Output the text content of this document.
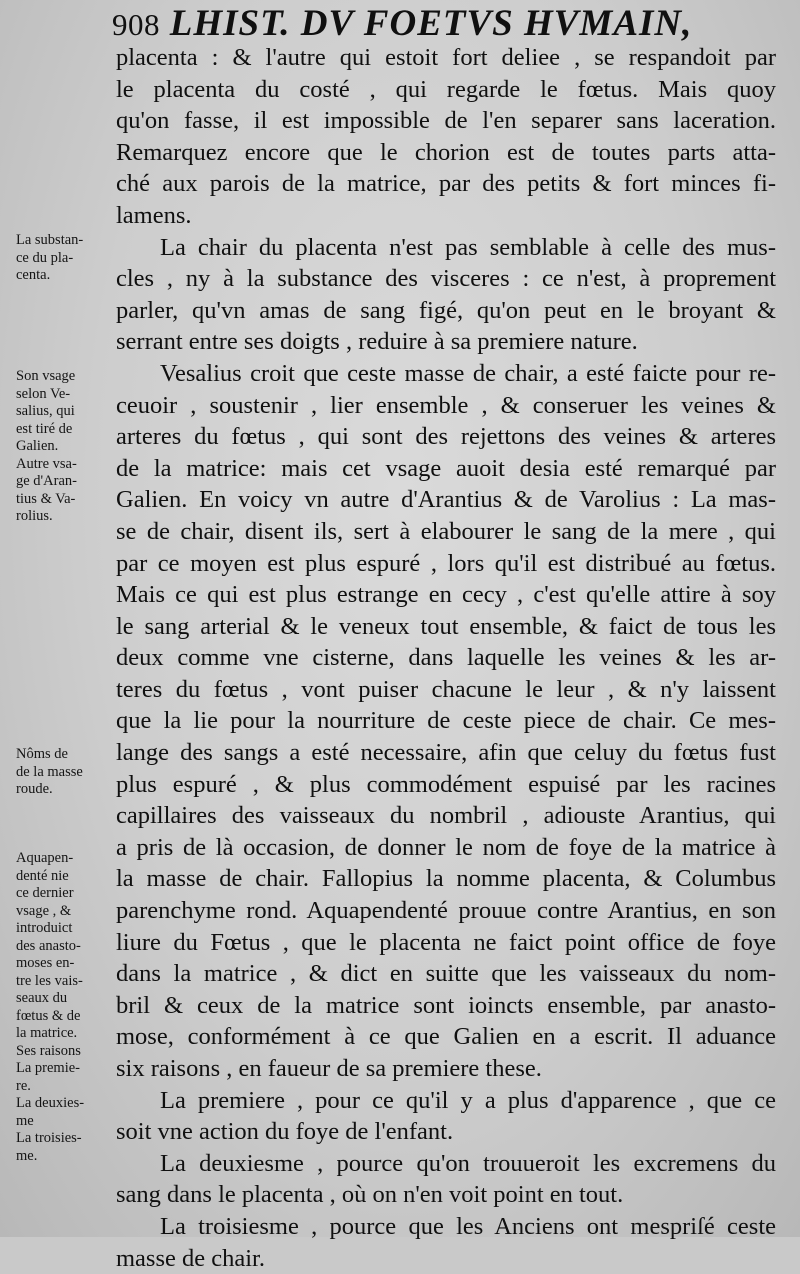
908 LHIST. DV FOETVS HVMAIN,
placenta : & l'autre qui estoit fort deliee , se respandoit par
le placenta du costé , qui regarde le fœtus. Mais quoy
qu'on fasse, il est impossible de l'en separer sans laceration.
Remarquez encore que le chorion est de toutes parts atta-
ché aux parois de la matrice, par des petits & fort minces fi-
lamens.
La chair du placenta n'est pas semblable à celle des mus-
cles , ny à la substance des visceres : ce n'est, à proprement
parler, qu'vn amas de sang figé, qu'on peut en le broyant &
serrant entre ses doigts , reduire à sa premiere nature.
Vesalius croit que ceste masse de chair, a esté faicte pour re-
ceuoir , soustenir , lier ensemble , & conseruer les veines &
arteres du fœtus , qui sont des rejettons des veines & arteres
de la matrice: mais cet vsage auoit desia esté remarqué par
Galien. En voicy vn autre d'Arantius & de Varolius : La mas-
se de chair, disent ils, sert à elabourer le sang de la mere , qui
par ce moyen est plus espuré , lors qu'il est distribué au fœtus.
Mais ce qui est plus estrange en cecy , c'est qu'elle attire à soy
le sang arterial & le veneux tout ensemble, & faict de tous les
deux comme vne cisterne, dans laquelle les veines & les ar-
teres du fœtus , vont puiser chacune le leur , & n'y laissent
que la lie pour la nourriture de ceste piece de chair. Ce mes-
lange des sangs a esté necessaire, afin que celuy du fœtus fust
plus espuré , & plus commodément espuisé par les racines
capillaires des vaisseaux du nombril , adiouste Arantius, qui
a pris de là occasion, de donner le nom de foye de la matrice à
la masse de chair. Fallopius la nomme placenta, & Columbus
parenchyme rond. Aquapendenté prouue contre Arantius, en son
liure du Fœtus , que le placenta ne faict point office de foye
dans la matrice , & dict en suitte que les vaisseaux du nom-
bril & ceux de la matrice sont ioincts ensemble, par anasto-
mose, conformément à ce que Galien en a escrit. Il aduance
six raisons , en faueur de sa premiere these.
La premiere , pour ce qu'il y a plus d'apparence , que ce
soit vne action du foye de l'enfant.
La deuxiesme , pource qu'on trouueroit les excremens du
sang dans le placenta , où on n'en voit point en tout.
La troisiesme , pource que les Anciens ont mespriſé ceste
masse de chair.
La substan-
ce du pla-
centa.
Son vsage
selon Ve-
salius, qui
est tiré de
Galien.
Autre vsa-
ge d'Aran-
tius & Va-
rolius.
Nôms de
de la masse
roude.
Aquapen-
denté nie
ce dernier
vsage , &
introduict
des anasto-
moses en-
tre les vais-
seaux du
fœtus & de
la matrice.
Ses raisons
La premie-
re.
La deuxies-
me
La troisies-
me.
